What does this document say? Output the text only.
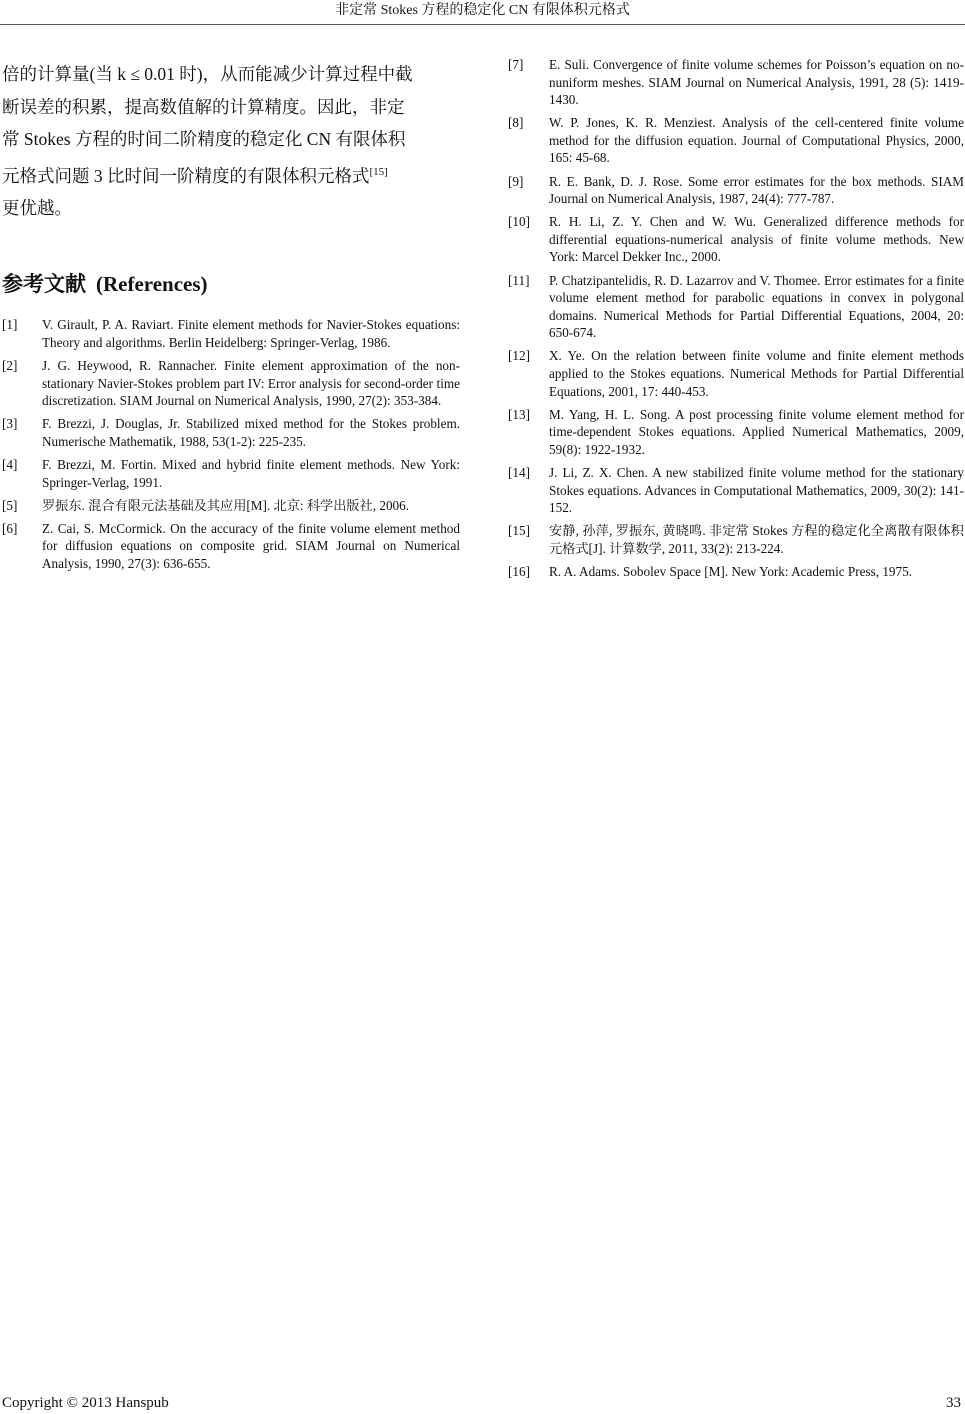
非定常 Stokes 方程的稳定化 CN 有限体积元格式

倍的计算量(当 k ≤ 0.01 时)，从而能减少计算过程中截
断误差的积累，提高数值解的计算精度。因此，非定
常 Stokes 方程的时间二阶精度的稳定化 CN 有限体积
元格式问题 3 比时间一阶精度的有限体积元格式[15]
更优越。

参考文献 (References)
[1] V. Girault, P. A. Raviart. Finite element methods for Navier-Stokes equations: Theory and algorithms. Berlin Heidelberg: Springer-Verlag, 1986.
[2] J. G. Heywood, R. Rannacher. Finite element approximation of the non-stationary Navier-Stokes problem part IV: Error analysis for second-order time discretization. SIAM Journal on Numerical Analysis, 1990, 27(2): 353-384.
[3] F. Brezzi, J. Douglas, Jr. Stabilized mixed method for the Stokes problem. Numerische Mathematik, 1988, 53(1-2): 225-235.
[4] F. Brezzi, M. Fortin. Mixed and hybrid finite element methods. New York: Springer-Verlag, 1991.
[5] 罗振东. 混合有限元法基础及其应用[M]. 北京: 科学出版社, 2006.
[6] Z. Cai, S. McCormick. On the accuracy of the finite volume element method for diffusion equations on composite grid. SIAM Journal on Numerical Analysis, 1990, 27(3): 636-655.
[7] E. Suli. Convergence of finite volume schemes for Poisson’s equation on no-nuniform meshes. SIAM Journal on Numerical Analysis, 1991, 28 (5): 1419-1430.
[8] W. P. Jones, K. R. Menziest. Analysis of the cell-centered finite volume method for the diffusion equation. Journal of Computational Physics, 2000, 165: 45-68.
[9] R. E. Bank, D. J. Rose. Some error estimates for the box methods. SIAM Journal on Numerical Analysis, 1987, 24(4): 777-787.
[10] R. H. Li, Z. Y. Chen and W. Wu. Generalized difference methods for differential equations-numerical analysis of finite volume methods. New York: Marcel Dekker Inc., 2000.
[11] P. Chatzipantelidis, R. D. Lazarrov and V. Thomee. Error estimates for a finite volume element method for parabolic equations in convex in polygonal domains. Numerical Methods for Partial Differential Equations, 2004, 20: 650-674.
[12] X. Ye. On the relation between finite volume and finite element methods applied to the Stokes equations. Numerical Methods for Partial Differential Equations, 2001, 17: 440-453.
[13] M. Yang, H. L. Song. A post processing finite volume element method for time-dependent Stokes equations. Applied Numerical Mathematics, 2009, 59(8): 1922-1932.
[14] J. Li, Z. X. Chen. A new stabilized finite volume method for the stationary Stokes equations. Advances in Computational Mathematics, 2009, 30(2): 141-152.
[15] 安静, 孙萍, 罗振东, 黄晓鸣. 非定常 Stokes 方程的稳定化全离散有限体积元格式[J]. 计算数学, 2011, 33(2): 213-224.
[16] R. A. Adams. Sobolev Space [M]. New York: Academic Press, 1975.
Copyright © 2013 Hanspub	33
